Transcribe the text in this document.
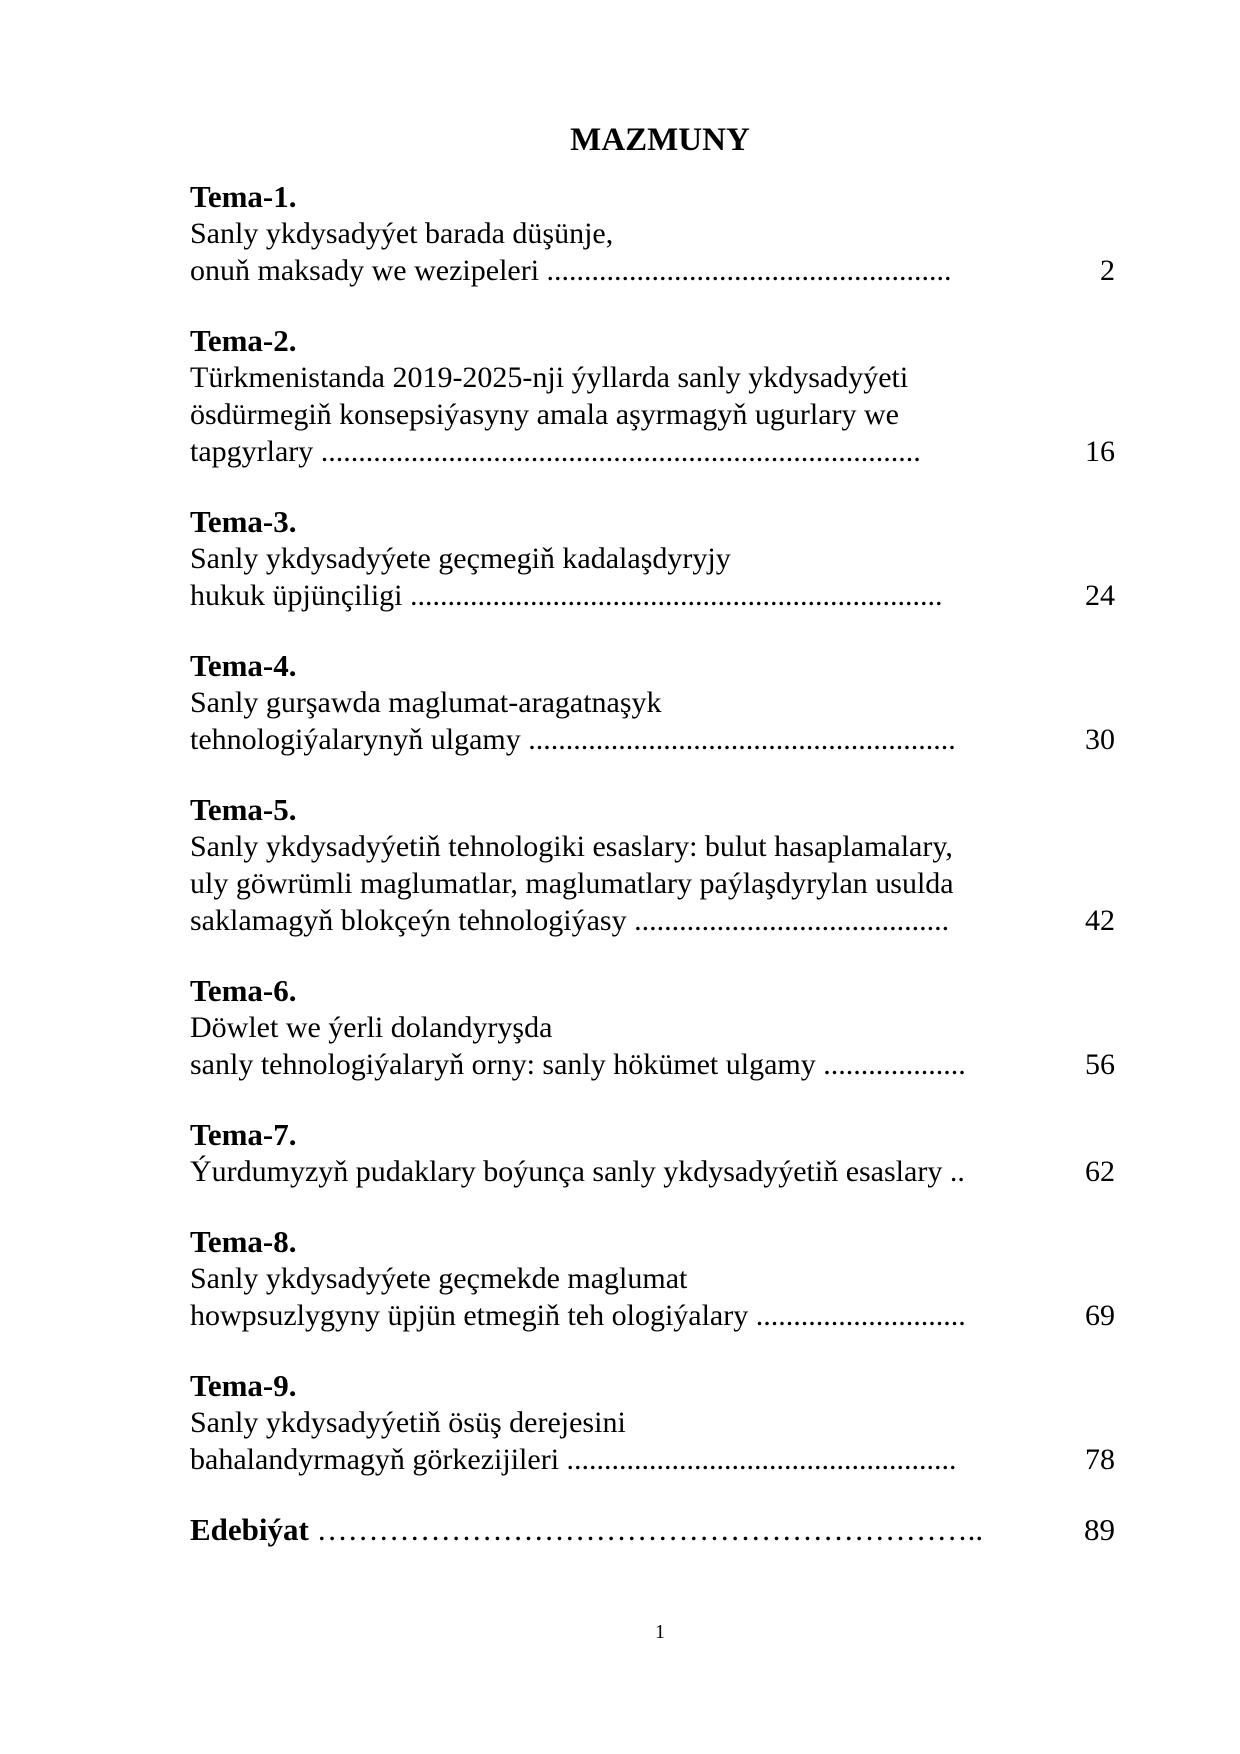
MAZMUNY
Tema-1.
Sanly ykdysadyýet barada düşünje,
onuň maksady we wezipeleri ......................................................	2
Tema-2.
Türkmenistanda 2019-2025-nji ýyllarda sanly ykdysadyýeti
ösdürmegiň konsepsiýasyny amala aşyrmagyň ugurlary we
tapgyrlary ................................................................................	16
Tema-3.
Sanly ykdysadyýete geçmegiň kadalaşdyryjy
hukuk üpjünçiligi .......................................................................	24
Tema-4.
Sanly gurşawda maglumat-aragatnaşyk
tehnologiýalarynyň ulgamy .........................................................	30
Tema-5.
Sanly ykdysadyýetiň tehnologiki esaslary: bulut hasaplamalary,
uly göwrümli maglumatlar, maglumatlary paýlaşdyrylan usulda
saklamagyň blokçeýn tehnologiýasy ..........................................	42
Tema-6.
Döwlet we ýerli dolandyryşda
sanly tehnologiýalaryň orny: sanly hökümet ulgamy ...................	56
Tema-7.
Ýurdumyzyň pudaklary boýunça sanly ykdysadyýetiň esaslary ..	62
Tema-8.
Sanly ykdysadyýete geçmekde maglumat
howpsuzlygyny üpjün etmegiň teh ologiýalary ............................	69
Tema-9.
Sanly ykdysadyýetiň ösüş derejesini
bahalandyrmagyň görkezijileri ....................................................	78
Edebiýat ………………………………………………………..	89
1
